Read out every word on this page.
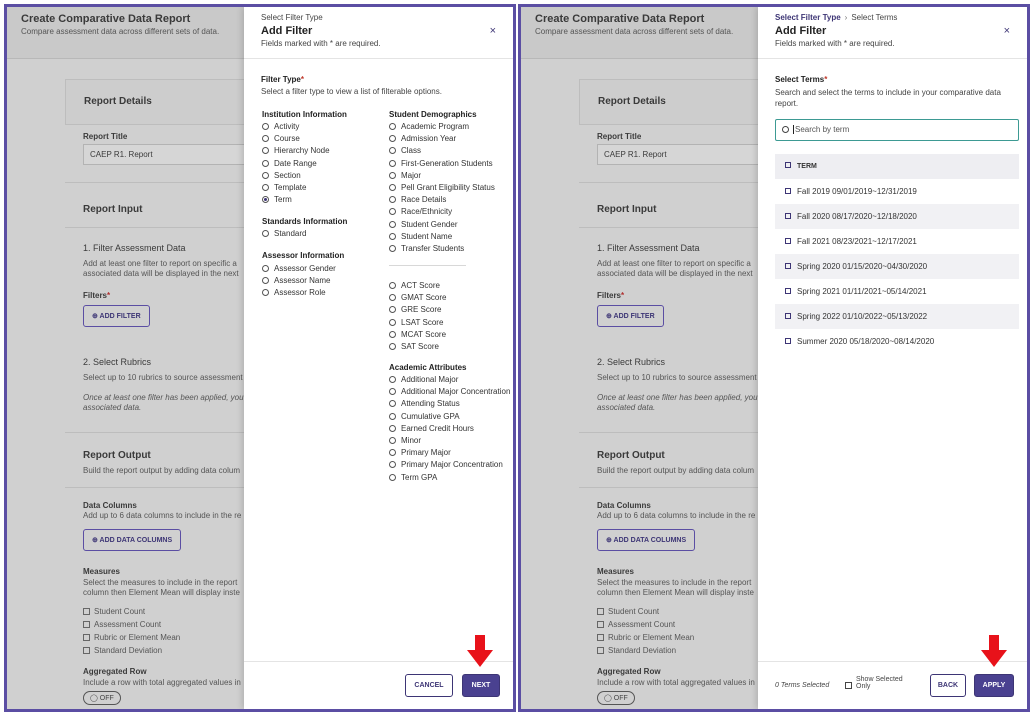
Create Comparative Data Report
Compare assessment data across different sets of data.
Report Details
Report Title
CAEP R1. Report
Report Input
1. Filter Assessment Data
Add at least one filter to report on specific a
associated data will be displayed in the next
Filters*
⊕ ADD FILTER
2. Select Rubrics
Select up to 10 rubrics to source assessment
Once at least one filter has been applied, you
associated data.
Report Output
Build the report output by adding data colum
Data Columns
Add up to 6 data columns to include in the re
⊕ ADD DATA COLUMNS
Measures
Select the measures to include in the report
column then Element Mean will display inste
Student Count
Assessment Count
Rubric or Element Mean
Standard Deviation
Aggregated Row
Include a row with total aggregated values in
◯ OFF
Select Filter Type
Add Filter
Fields marked with * are required.
×
Filter Type*
Select a filter type to view a list of filterable options.
Institution Information
Activity
Course
Hierarchy Node
Date Range
Section
Template
Term
Standards Information
Standard
Assessor Information
Assessor Gender
Assessor Name
Assessor Role
Student Demographics
Academic Program
Admission Year
Class
First-Generation Students
Major
Pell Grant Eligibility Status
Race Details
Race/Ethnicity
Student Gender
Student Name
Transfer Students
ACT Score
GMAT Score
GRE Score
LSAT Score
MCAT Score
SAT Score
Academic Attributes
Additional Major
Additional Major Concentration
Attending Status
Cumulative GPA
Earned Credit Hours
Minor
Primary Major
Primary Major Concentration
Term GPA
CANCEL	NEXT
Create Comparative Data Report
Compare assessment data across different sets of data.
Report Details
Report Title
CAEP R1. Report
Report Input
1. Filter Assessment Data
Add at least one filter to report on specific a
associated data will be displayed in the next
Filters*
⊕ ADD FILTER
2. Select Rubrics
Select up to 10 rubrics to source assessment
Once at least one filter has been applied, you
associated data.
Report Output
Build the report output by adding data colum
Data Columns
Add up to 6 data columns to include in the re
⊕ ADD DATA COLUMNS
Measures
Select the measures to include in the report
column then Element Mean will display inste
Student Count
Assessment Count
Rubric or Element Mean
Standard Deviation
Aggregated Row
Include a row with total aggregated values in
◯ OFF
Select Filter Type › Select Terms
Add Filter
Fields marked with * are required.
×
Select Terms*
Search and select the terms to include in your comparative data report.
Search by term
TERM
Fall 2019 09/01/2019~12/31/2019
Fall 2020 08/17/2020~12/18/2020
Fall 2021 08/23/2021~12/17/2021
Spring 2020 01/15/2020~04/30/2020
Spring 2021 01/11/2021~05/14/2021
Spring 2022 01/10/2022~05/13/2022
Summer 2020 05/18/2020~08/14/2020
0 Terms Selected
Show Selected
Only	BACK	APPLY
